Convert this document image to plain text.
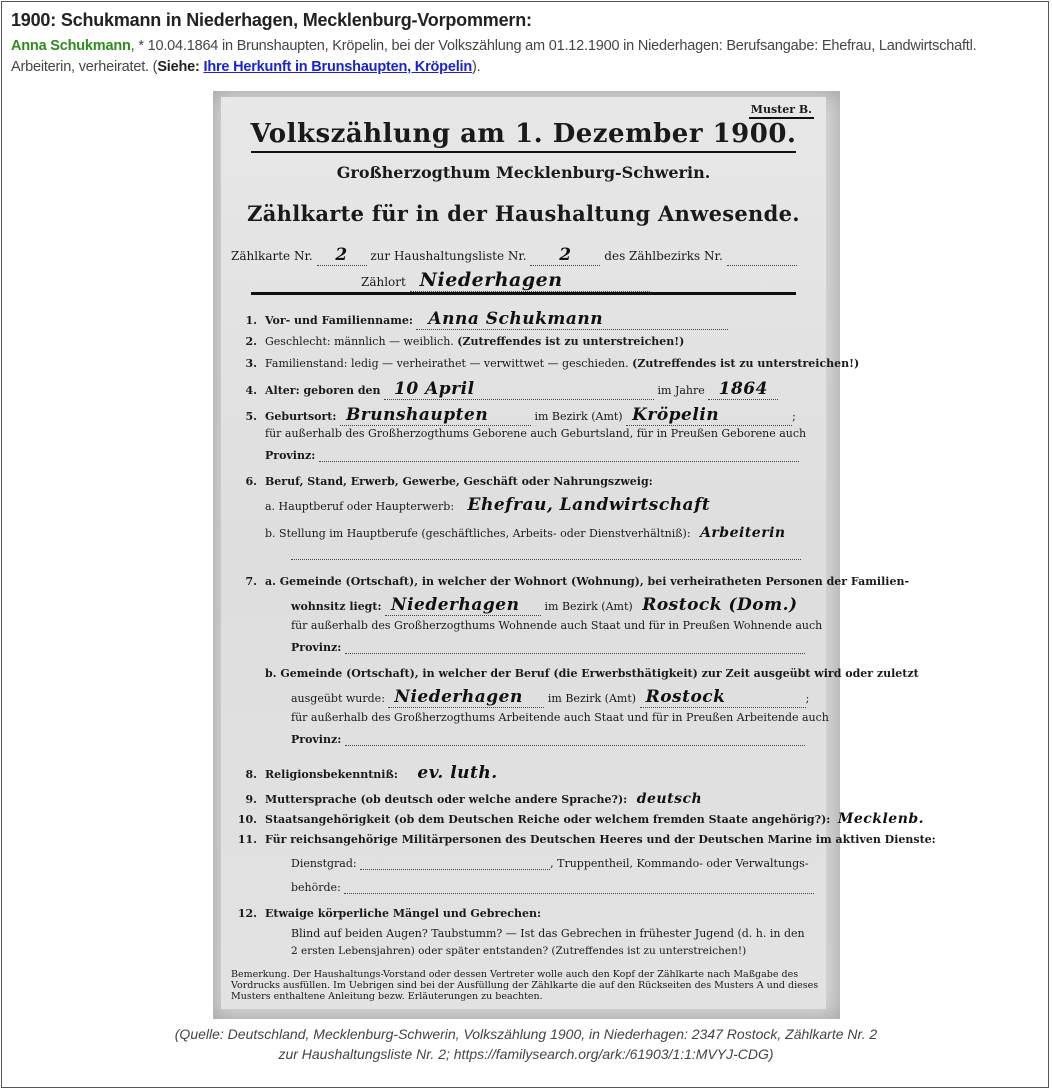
1900: Schukmann in Niederhagen, Mecklenburg-Vorpommern:
Anna Schukmann, * 10.04.1864 in Brunshaupten, Kröpelin, bei der Volkszählung am 01.12.1900 in Niederhagen: Berufsangabe: Ehefrau, Landwirtschaftl. Arbeiterin, verheiratet. (Siehe: Ihre Herkunft in Brunshaupten, Kröpelin).
Muster B.
Volkszählung am 1. Dezember 1900.
Großherzogthum Mecklenburg-Schwerin.
Zählkarte für in der Haushaltung Anwesende.
Zählkarte Nr. 2 zur Haushaltungsliste Nr. 2	des Zählbezirks Nr.
Zählort Niederhagen
1. Vor- und Familienname: Anna Schukmann
2. Geschlecht: männlich — weiblich. (Zutreffendes ist zu unterstreichen!)
3. Familienstand: ledig — verheirathet — verwittwet — geschieden. (Zutreffendes ist zu unterstreichen!)
4. Alter: geboren den 10 April	im Jahre 1864
5. Geburtsort: Brunshaupten	im Bezirk (Amt) Kröpelin	;
für außerhalb des Großherzogthums Geborene auch Geburtsland, für in Preußen Geborene auch
Provinz:
6. Beruf, Stand, Erwerb, Gewerbe, Geschäft oder Nahrungszweig:
a. Hauptberuf oder Haupterwerb: Ehefrau, Landwirtschaft
b. Stellung im Hauptberufe (geschäftliches, Arbeits- oder Dienstverhältniß): Arbeiterin
7. a. Gemeinde (Ortschaft), in welcher der Wohnort (Wohnung), bei verheiratheten Personen der Familien-
wohnsitz liegt: Niederhagen im Bezirk (Amt) Rostock (Dom.)
für außerhalb des Großherzogthums Wohnende auch Staat und für in Preußen Wohnende auch
Provinz:
b. Gemeinde (Ortschaft), in welcher der Beruf (die Erwerbsthätigkeit) zur Zeit ausgeübt wird oder zuletzt
ausgeübt wurde: Niederhagen im Bezirk (Amt) Rostock	;
für außerhalb des Großherzogthums Arbeitende auch Staat und für in Preußen Arbeitende auch
Provinz:
8. Religionsbekenntniß: ev. luth.
9. Muttersprache (ob deutsch oder welche andere Sprache?): deutsch
10. Staatsangehörigkeit (ob dem Deutschen Reiche oder welchem fremden Staate angehörig?): Mecklenb.
11. Für reichsangehörige Militärpersonen des Deutschen Heeres und der Deutschen Marine im aktiven Dienste:
Dienstgrad:	, Truppentheil, Kommando- oder Verwaltungs-
behörde:
12. Etwaige körperliche Mängel und Gebrechen:
Blind auf beiden Augen? Taubstumm? — Ist das Gebrechen in frühester Jugend (d. h. in den
2 ersten Lebensjahren) oder später entstanden? (Zutreffendes ist zu unterstreichen!)
Bemerkung. Der Haushaltungs-Vorstand oder dessen Vertreter wolle auch den Kopf der Zählkarte nach Maßgabe des Vordrucks ausfüllen. Im Uebrigen sind bei der Ausfüllung der Zählkarte die auf den Rückseiten des Musters A und dieses Musters enthaltene Anleitung bezw. Erläuterungen zu beachten.
(Quelle: Deutschland, Mecklenburg-Schwerin, Volkszählung 1900, in Niederhagen: 2347 Rostock, Zählkarte Nr. 2
zur Haushaltungsliste Nr. 2; https://familysearch.org/ark:/61903/1:1:MVYJ-CDG)
